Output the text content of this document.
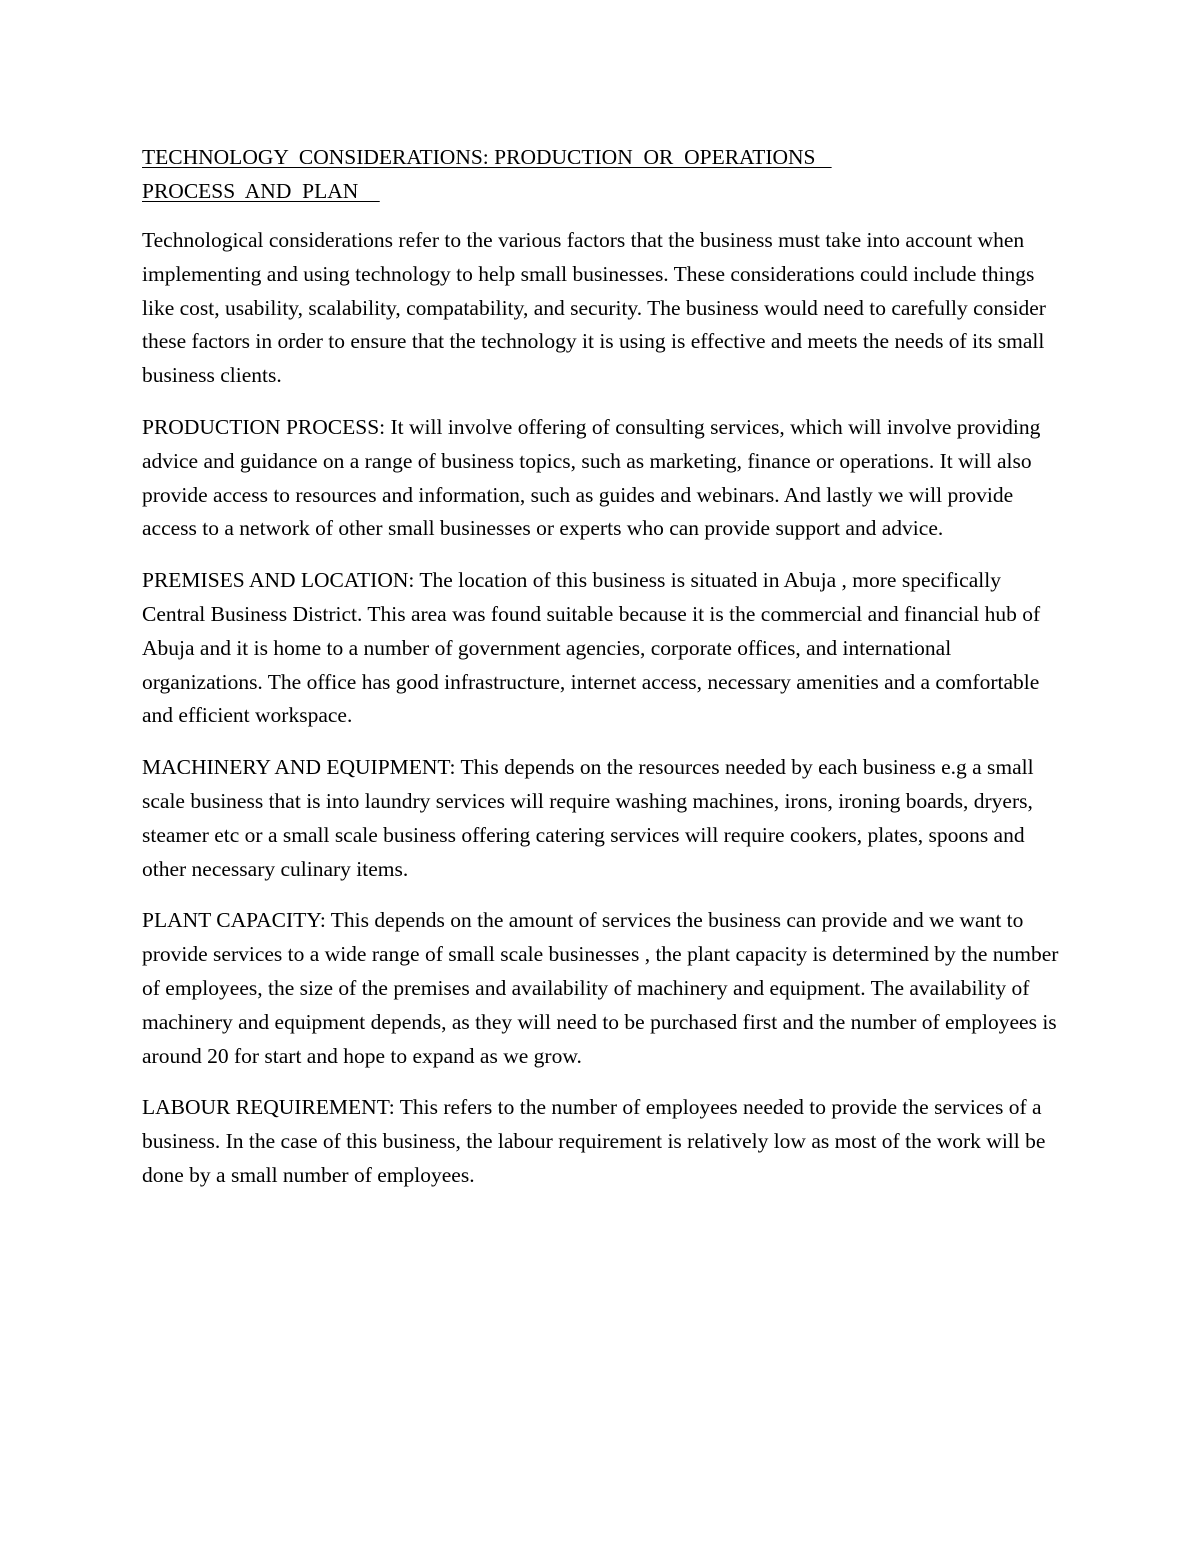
TECHNOLOGY  CONSIDERATIONS: PRODUCTION  OR  OPERATIONS
PROCESS  AND  PLAN

Technological considerations refer to the various factors that the business must take into account when implementing and using technology to help small businesses. These considerations could include things like cost, usability, scalability, compatability, and security. The business would need to carefully consider these factors in order to ensure that the technology it is using is effective and meets the needs of its small business clients.

PRODUCTION PROCESS: It will involve offering of consulting services, which will involve providing advice and guidance on a range of business topics, such as marketing, finance or operations. It will also provide access to resources and information, such as guides and webinars. And lastly we will provide access to a network of other small businesses or experts who can provide support and advice.

PREMISES AND LOCATION: The location of this business is situated in Abuja , more specifically Central Business District. This area was found suitable because it is the commercial and financial hub of Abuja and it is home to a number of government agencies, corporate offices, and international organizations. The office has good infrastructure, internet access, necessary amenities and a comfortable and efficient workspace.

MACHINERY AND EQUIPMENT: This depends on the resources needed by each business e.g a small scale business that is into laundry services will require washing machines, irons, ironing boards, dryers, steamer etc or a small scale business offering catering services will require cookers, plates, spoons and other necessary culinary items.

PLANT CAPACITY: This depends on the amount of services the business can provide and we want to provide services to a wide range of small scale businesses , the plant capacity is determined by the number of employees, the size of the premises and availability of machinery and equipment. The availability of machinery and equipment depends, as they will need to be purchased first and the number of employees is around 20 for start and hope to expand as we grow.

LABOUR REQUIREMENT: This refers to the number of employees needed to provide the services of a business. In the case of this business, the labour requirement is relatively low as most of the work will be done by a small number of employees.
